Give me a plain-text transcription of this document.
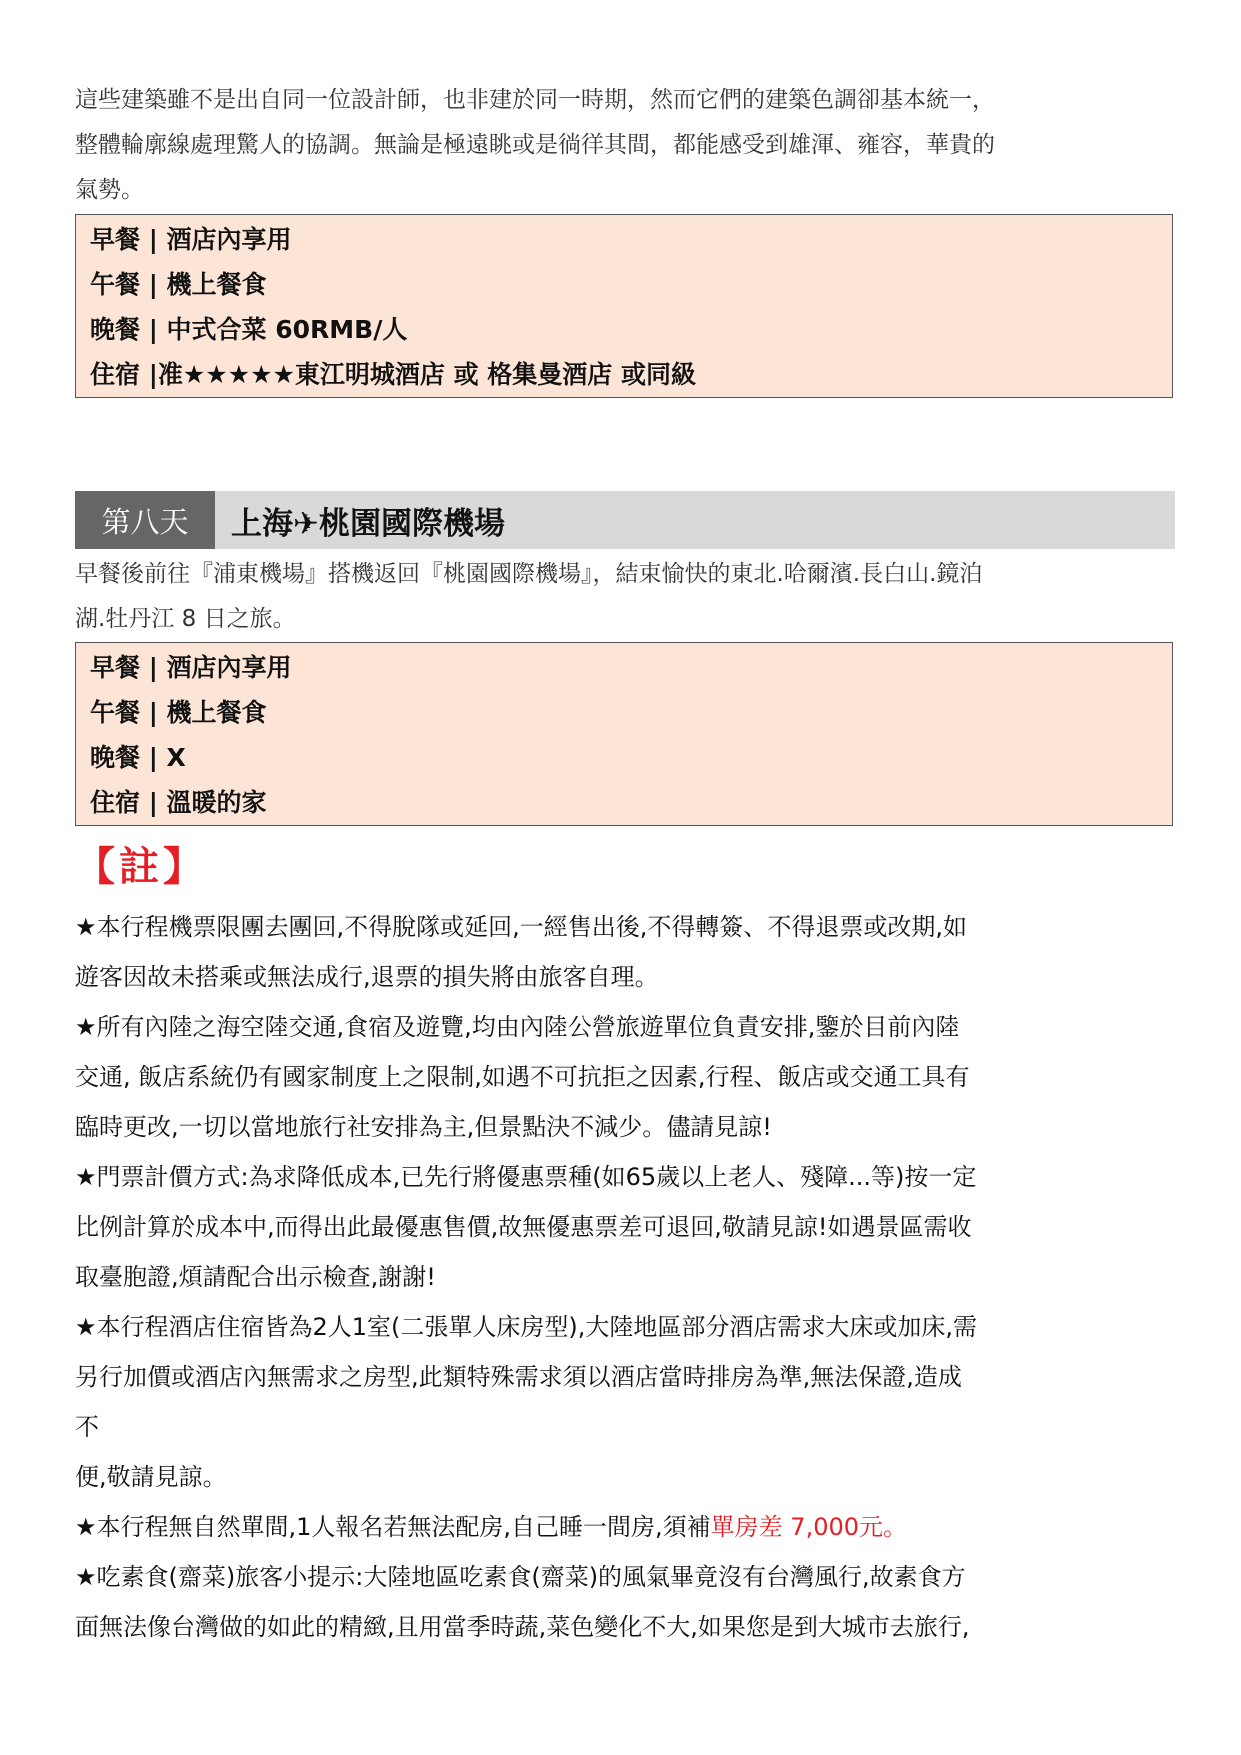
這些建築雖不是出自同一位設計師，也非建於同一時期，然而它們的建築色調卻基本統一，

整體輪廓線處理驚人的協調。無論是極遠眺或是徜徉其間，都能感受到雄渾、雍容，華貴的

氣勢。

早餐 | 酒店內享用
午餐 | 機上餐食
晚餐 | 中式合菜 60RMB/人
住宿 |准★★★★★東江明城酒店 或 格集曼酒店 或同級
第八天	上海✈桃園國際機場
早餐後前往『浦東機場』搭機返回『桃園國際機場』，結束愉快的東北.哈爾濱.長白山.鏡泊
湖.牡丹江 8 日之旅。
早餐 | 酒店內享用
午餐 | 機上餐食
晚餐 | X
住宿 | 溫暖的家
【註】

★本行程機票限團去團回,不得脫隊或延回,一經售出後,不得轉簽、不得退票或改期,如

遊客因故未搭乘或無法成行,退票的損失將由旅客自理。

★所有內陸之海空陸交通,食宿及遊覽,均由內陸公營旅遊單位負責安排,鑒於目前內陸

交通, 飯店系統仍有國家制度上之限制,如遇不可抗拒之因素,行程、飯店或交通工具有

臨時更改,一切以當地旅行社安排為主,但景點決不減少。儘請見諒!

★門票計價方式:為求降低成本,已先行將優惠票種(如65歲以上老人、殘障...等)按一定

比例計算於成本中,而得出此最優惠售價,故無優惠票差可退回,敬請見諒!如遇景區需收

取臺胞證,煩請配合出示檢查,謝謝!

★本行程酒店住宿皆為2人1室(二張單人床房型),大陸地區部分酒店需求大床或加床,需

另行加價或酒店內無需求之房型,此類特殊需求須以酒店當時排房為準,無法保證,造成

不

便,敬請見諒。

★本行程無自然單間,1人報名若無法配房,自己睡一間房,須補單房差 7,000元。

★吃素食(齋菜)旅客小提示:大陸地區吃素食(齋菜)的風氣畢竟沒有台灣風行,故素食方

面無法像台灣做的如此的精緻,且用當季時蔬,菜色變化不大,如果您是到大城市去旅行,
